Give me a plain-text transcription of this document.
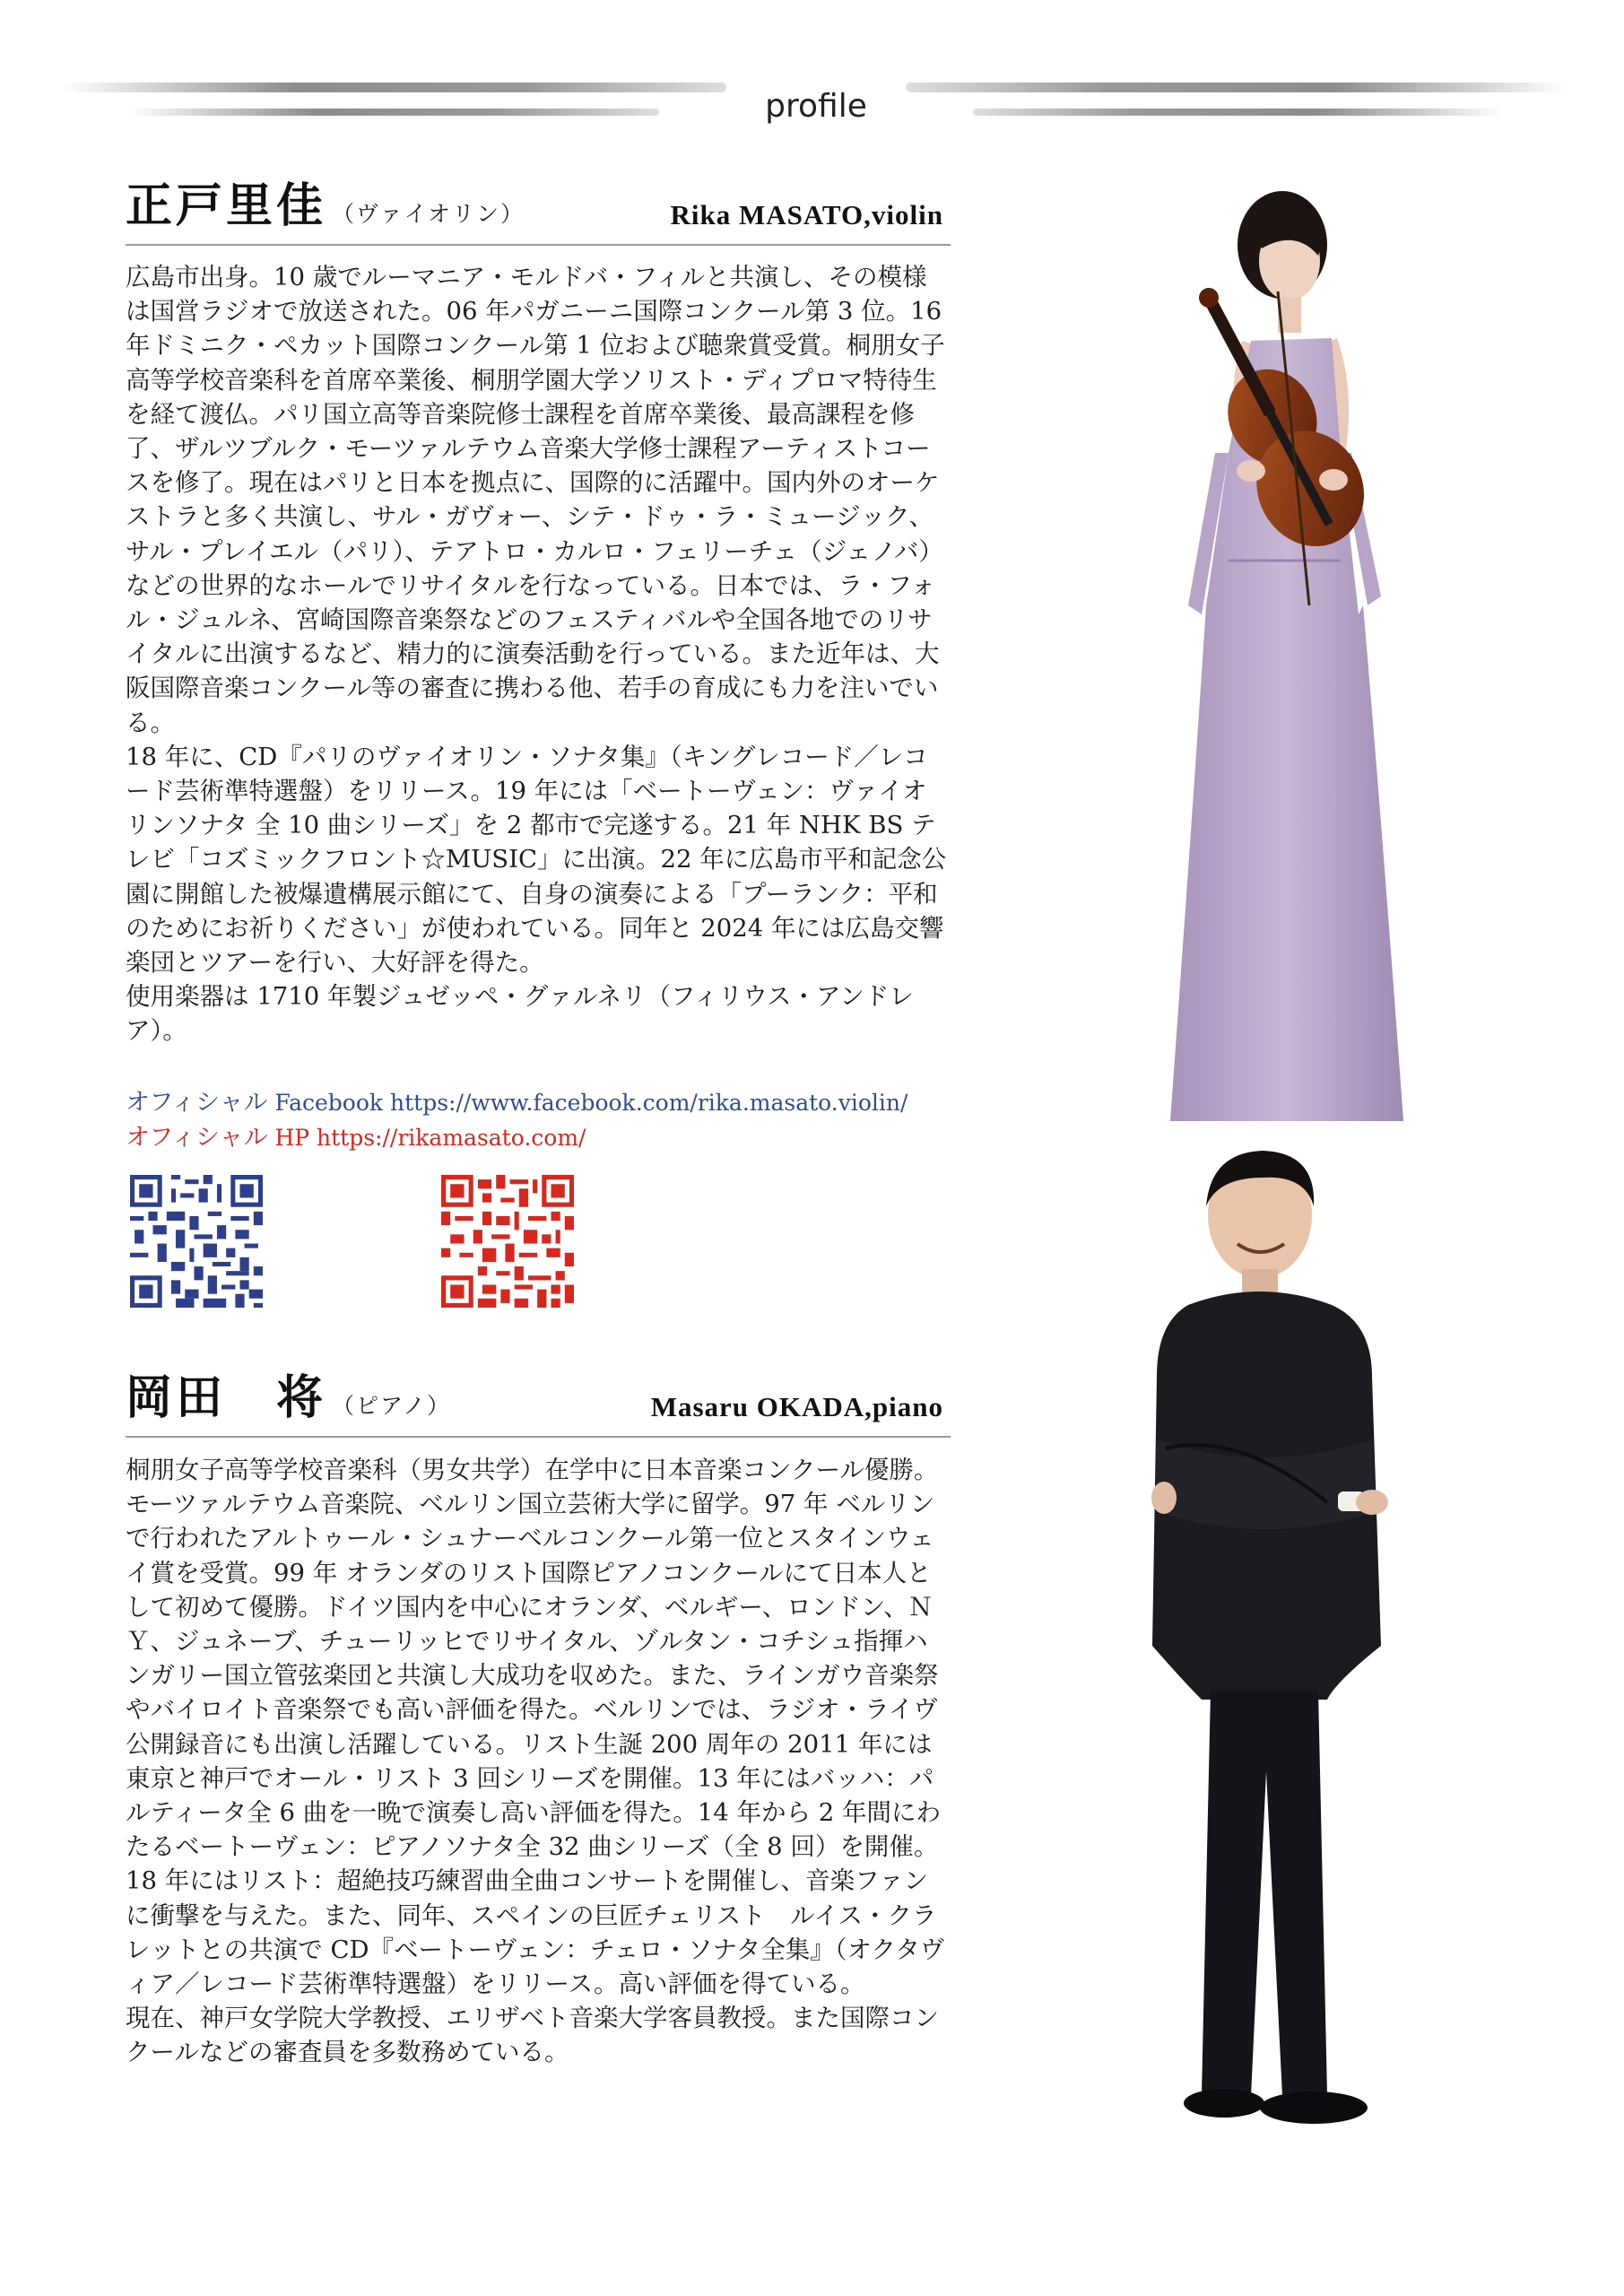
profile
正戸里佳 （ヴァイオリン）	Rika MASATO,violin

広島市出身。10 歳でルーマニア・モルドバ・フィルと共演し、その模様は国営ラジオで放送された。06 年パガニーニ国際コンクール第 3 位。16 年ドミニク・ペカット国際コンクール第 1 位および聴衆賞受賞。桐朋女子高等学校音楽科を首席卒業後、桐朋学園大学ソリスト・ディプロマ特待生を経て渡仏。パリ国立高等音楽院修士課程を首席卒業後、最高課程を修了、ザルツブルク・モーツァルテウム音楽大学修士課程アーティストコースを修了。現在はパリと日本を拠点に、国際的に活躍中。国内外のオーケストラと多く共演し、サル・ガヴォー、シテ・ドゥ・ラ・ミュージック、サル・プレイエル（パリ）、テアトロ・カルロ・フェリーチェ（ジェノバ）などの世界的なホールでリサイタルを行なっている。日本では、ラ・フォル・ジュルネ、宮崎国際音楽祭などのフェスティバルや全国各地でのリサイタルに出演するなど、精力的に演奏活動を行っている。また近年は、大阪国際音楽コンクール等の審査に携わる他、若手の育成にも力を注いでいる。

18 年に、CD『パリのヴァイオリン・ソナタ集』（キングレコード／レコード芸術準特選盤）をリリース。19 年には「ベートーヴェン：ヴァイオリンソナタ 全 10 曲シリーズ」を 2 都市で完遂する。21 年 NHK BS テレビ「コズミックフロント☆MUSIC」に出演。22 年に広島市平和記念公園に開館した被爆遺構展示館にて、自身の演奏による「プーランク：平和のためにお祈りください」が使われている。同年と 2024 年には広島交響楽団とツアーを行い、大好評を得た。

使用楽器は 1710 年製ジュゼッペ・グァルネリ（フィリウス・アンドレア）。

オフィシャル Facebook https://www.facebook.com/rika.masato.violin/
オフィシャル HP https://rikamasato.com/
岡田　将 （ピアノ）	Masaru OKADA,piano

桐朋女子高等学校音楽科（男女共学）在学中に日本音楽コンクール優勝。モーツァルテウム音楽院、ベルリン国立芸術大学に留学。97 年 ベルリンで行われたアルトゥール・シュナーベルコンクール第一位とスタインウェイ賞を受賞。99 年 オランダのリスト国際ピアノコンクールにて日本人として初めて優勝。ドイツ国内を中心にオランダ、ベルギー、ロンドン、ＮＹ、ジュネーブ、チューリッヒでリサイタル、ゾルタン・コチシュ指揮ハンガリー国立管弦楽団と共演し大成功を収めた。また、ラインガウ音楽祭やバイロイト音楽祭でも高い評価を得た。ベルリンでは、ラジオ・ライヴ公開録音にも出演し活躍している。リスト生誕 200 周年の 2011 年には東京と神戸でオール・リスト 3 回シリーズを開催。13 年にはバッハ：パルティータ全 6 曲を一晩で演奏し高い評価を得た。14 年から 2 年間にわたるベートーヴェン：ピアノソナタ全 32 曲シリーズ（全 8 回）を開催。18 年にはリスト：超絶技巧練習曲全曲コンサートを開催し、音楽ファンに衝撃を与えた。また、同年、スペインの巨匠チェリスト　ルイス・クラレットとの共演で CD『ベートーヴェン：チェロ・ソナタ全集』（オクタヴィア／レコード芸術準特選盤）をリリース。高い評価を得ている。

現在、神戸女学院大学教授、エリザベト音楽大学客員教授。また国際コンクールなどの審査員を多数務めている。
